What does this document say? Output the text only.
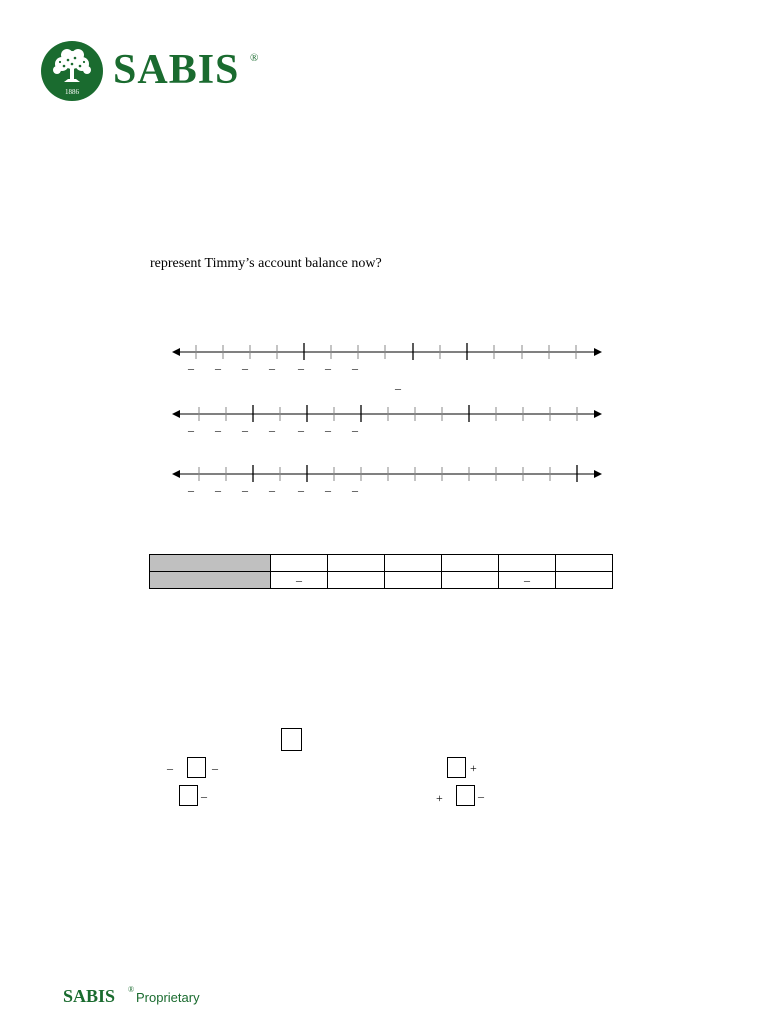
1886 SABIS ®
represent Timmy’s account balance now?
– – – – – – –
–
– – – – – – –
– – – – – – –

	–				–	
–	–	+
–	+	–
SABIS ®
Proprietary
